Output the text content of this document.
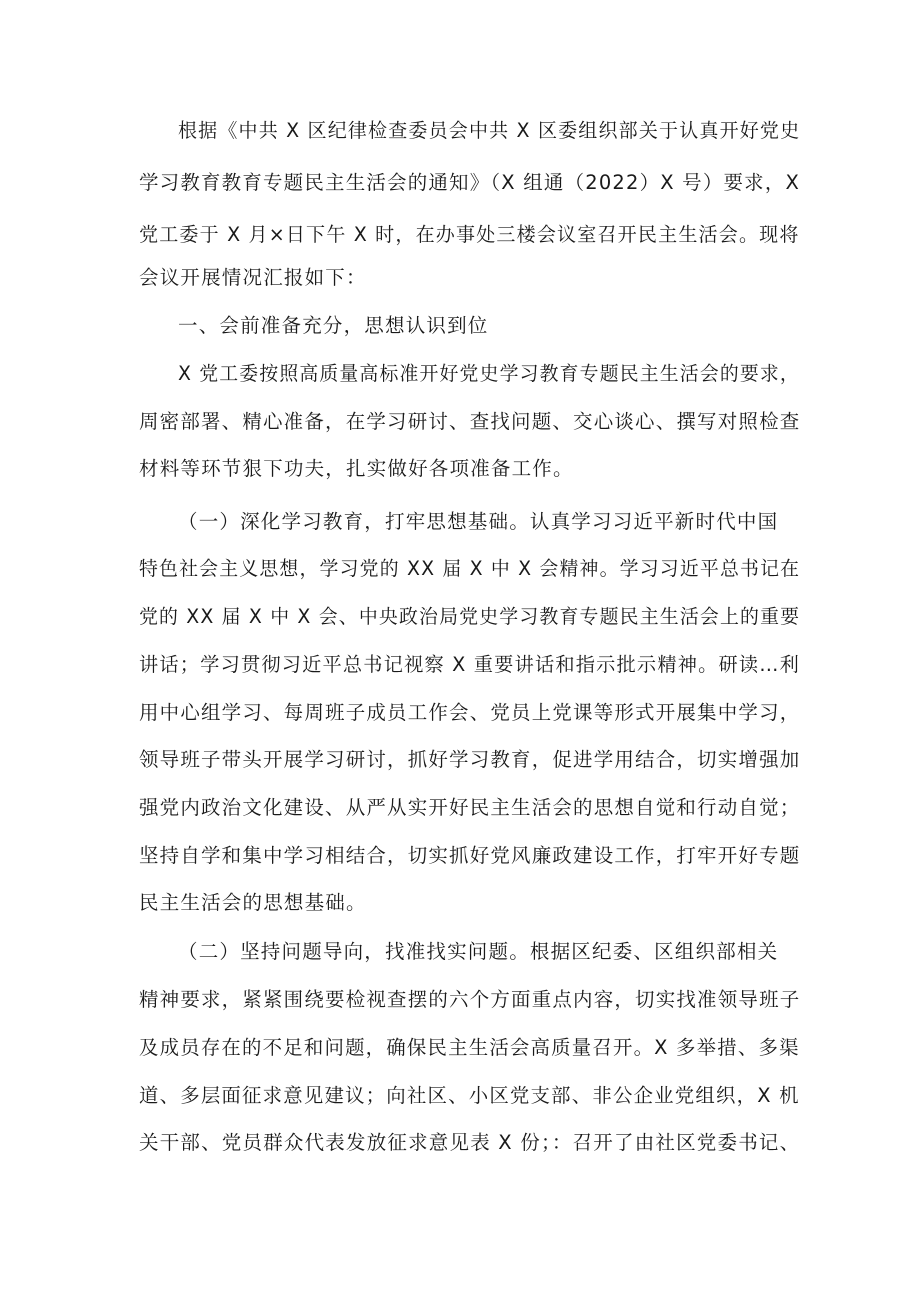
根据《中共 X 区纪律检查委员会中共 X 区委组织部关于认真开好党史
学习教育教育专题民主生活会的通知》（X 组通（2022）X 号）要求，X
党工委于 X 月×日下午 X 时，在办事处三楼会议室召开民主生活会。现将
会议开展情况汇报如下：
一、会前准备充分，思想认识到位
X 党工委按照高质量高标准开好党史学习教育专题民主生活会的要求，
周密部署、精心准备，在学习研讨、查找问题、交心谈心、撰写对照检查
材料等环节狠下功夫，扎实做好各项准备工作。
（一）深化学习教育，打牢思想基础。认真学习习近平新时代中国
特色社会主义思想，学习党的 XX 届 X 中 X 会精神。学习习近平总书记在
党的 XX 届 X 中 X 会、中央政治局党史学习教育专题民主生活会上的重要
讲话；学习贯彻习近平总书记视察 X 重要讲话和指示批示精神。研读…利
用中心组学习、每周班子成员工作会、党员上党课等形式开展集中学习，
领导班子带头开展学习研讨，抓好学习教育，促进学用结合，切实增强加
强党内政治文化建设、从严从实开好民主生活会的思想自觉和行动自觉；
坚持自学和集中学习相结合，切实抓好党风廉政建设工作，打牢开好专题
民主生活会的思想基础。
（二）坚持问题导向，找准找实问题。根据区纪委、区组织部相关
精神要求，紧紧围绕要检视查摆的六个方面重点内容，切实找准领导班子
及成员存在的不足和问题，确保民主生活会高质量召开。X 多举措、多渠
道、多层面征求意见建议；向社区、小区党支部、非公企业党组织，X 机
关干部、党员群众代表发放征求意见表 X 份；：召开了由社区党委书记、
